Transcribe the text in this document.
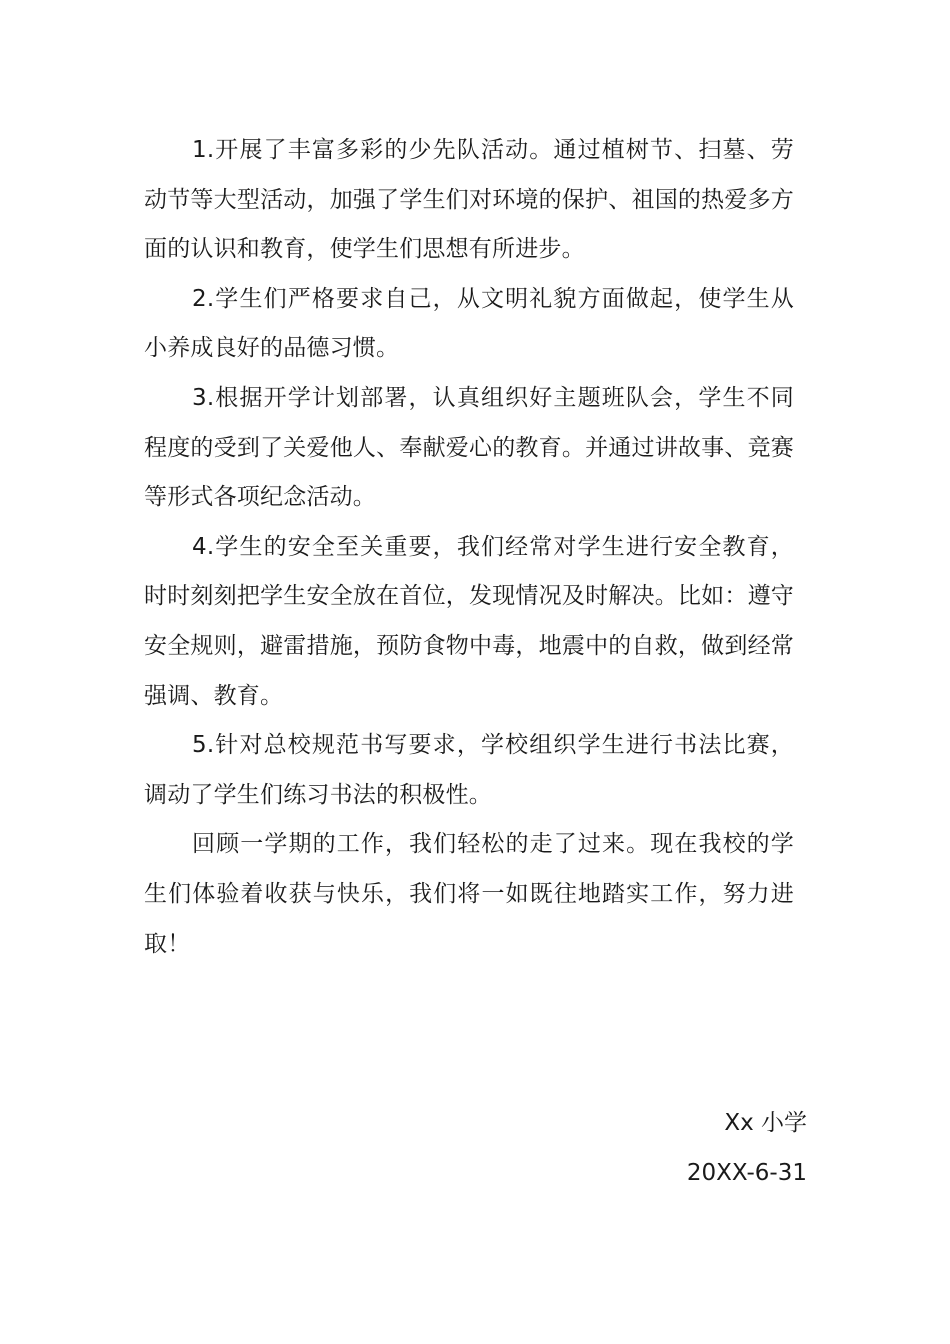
1.开展了丰富多彩的少先队活动。通过植树节、扫墓、劳动节等大型活动，加强了学生们对环境的保护、祖国的热爱多方面的认识和教育，使学生们思想有所进步。

2.学生们严格要求自己，从文明礼貌方面做起，使学生从小养成良好的品德习惯。

3.根据开学计划部署，认真组织好主题班队会，学生不同程度的受到了关爱他人、奉献爱心的教育。并通过讲故事、竞赛等形式各项纪念活动。

4.学生的安全至关重要，我们经常对学生进行安全教育，时时刻刻把学生安全放在首位，发现情况及时解决。比如：遵守安全规则，避雷措施，预防食物中毒，地震中的自救，做到经常强调、教育。

5.针对总校规范书写要求，学校组织学生进行书法比赛，调动了学生们练习书法的积极性。

回顾一学期的工作，我们轻松的走了过来。现在我校的学生们体验着收获与快乐，我们将一如既往地踏实工作，努力进取！

Xx 小学
20XX-6-31
